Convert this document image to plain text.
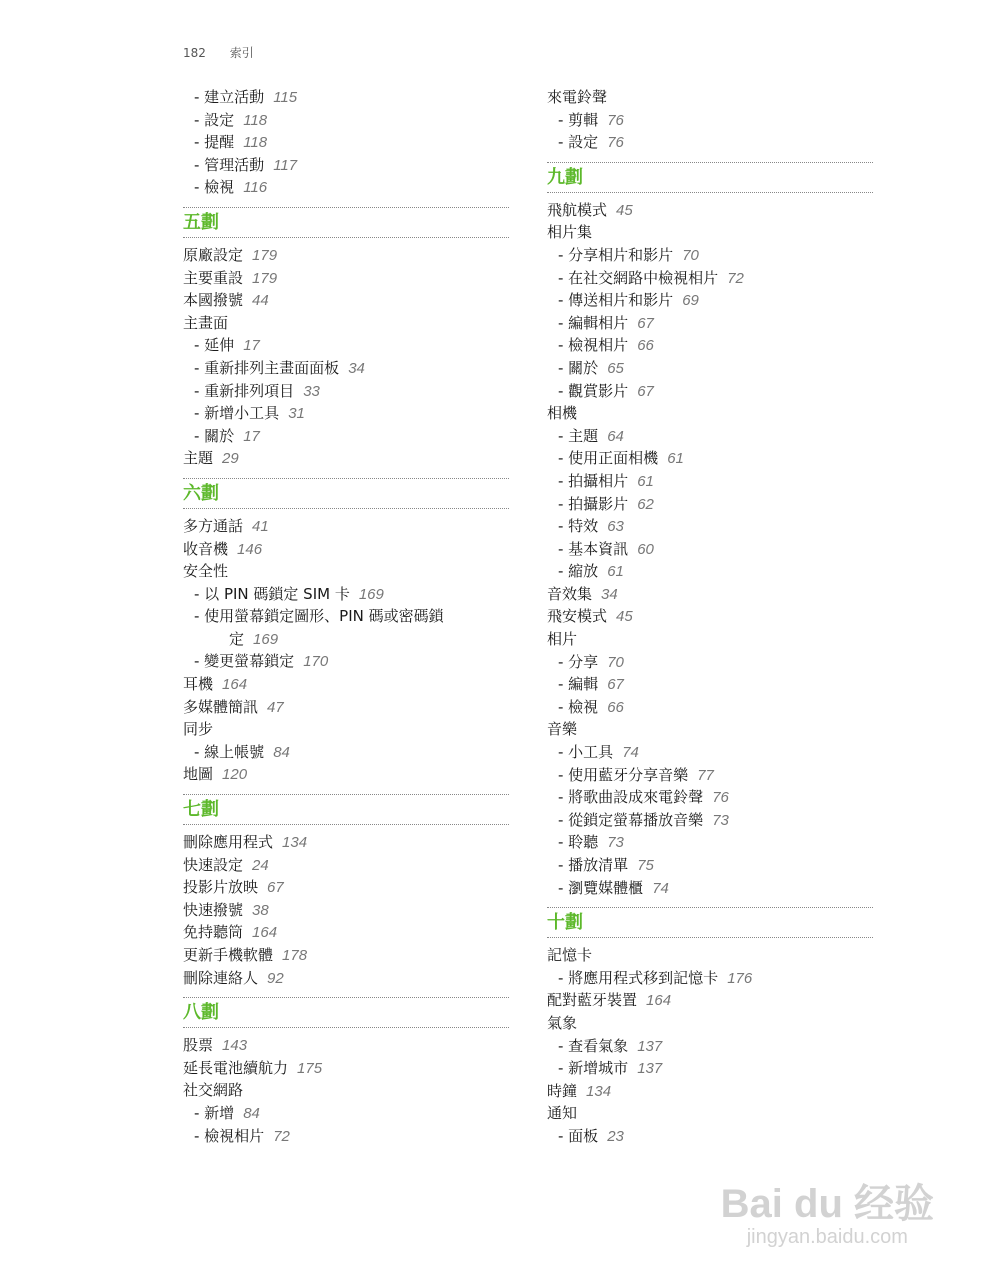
182 索引
- 建立活動 115
- 設定 118
- 提醒 118
- 管理活動 117
- 檢視 116
五劃
原廠設定 179
主要重設 179
本國撥號 44
主畫面
- 延伸 17
- 重新排列主畫面面板 34
- 重新排列項目 33
- 新增小工具 31
- 關於 17
主題 29
六劃
多方通話 41
收音機 146
安全性
- 以 PIN 碼鎖定 SIM 卡 169
- 使用螢幕鎖定圖形、PIN 碼或密碼鎖
定 169
- 變更螢幕鎖定 170
耳機 164
多媒體簡訊 47
同步
- 線上帳號 84
地圖 120
七劃
刪除應用程式 134
快速設定 24
投影片放映 67
快速撥號 38
免持聽筒 164
更新手機軟體 178
刪除連絡人 92
八劃
股票 143
延長電池續航力 175
社交網路
- 新增 84
- 檢視相片 72
來電鈴聲
- 剪輯 76
- 設定 76
九劃
飛航模式 45
相片集
- 分享相片和影片 70
- 在社交網路中檢視相片 72
- 傳送相片和影片 69
- 編輯相片 67
- 檢視相片 66
- 關於 65
- 觀賞影片 67
相機
- 主題 64
- 使用正面相機 61
- 拍攝相片 61
- 拍攝影片 62
- 特效 63
- 基本資訊 60
- 縮放 61
音效集 34
飛安模式 45
相片
- 分享 70
- 編輯 67
- 檢視 66
音樂
- 小工具 74
- 使用藍牙分享音樂 77
- 將歌曲設成來電鈴聲 76
- 從鎖定螢幕播放音樂 73
- 聆聽 73
- 播放清單 75
- 瀏覽媒體櫃 74
十劃
記憶卡
- 將應用程式移到記憶卡 176
配對藍牙裝置 164
氣象
- 查看氣象 137
- 新增城市 137
時鐘 134
通知
- 面板 23
Bai du 经验
jingyan.baidu.com
